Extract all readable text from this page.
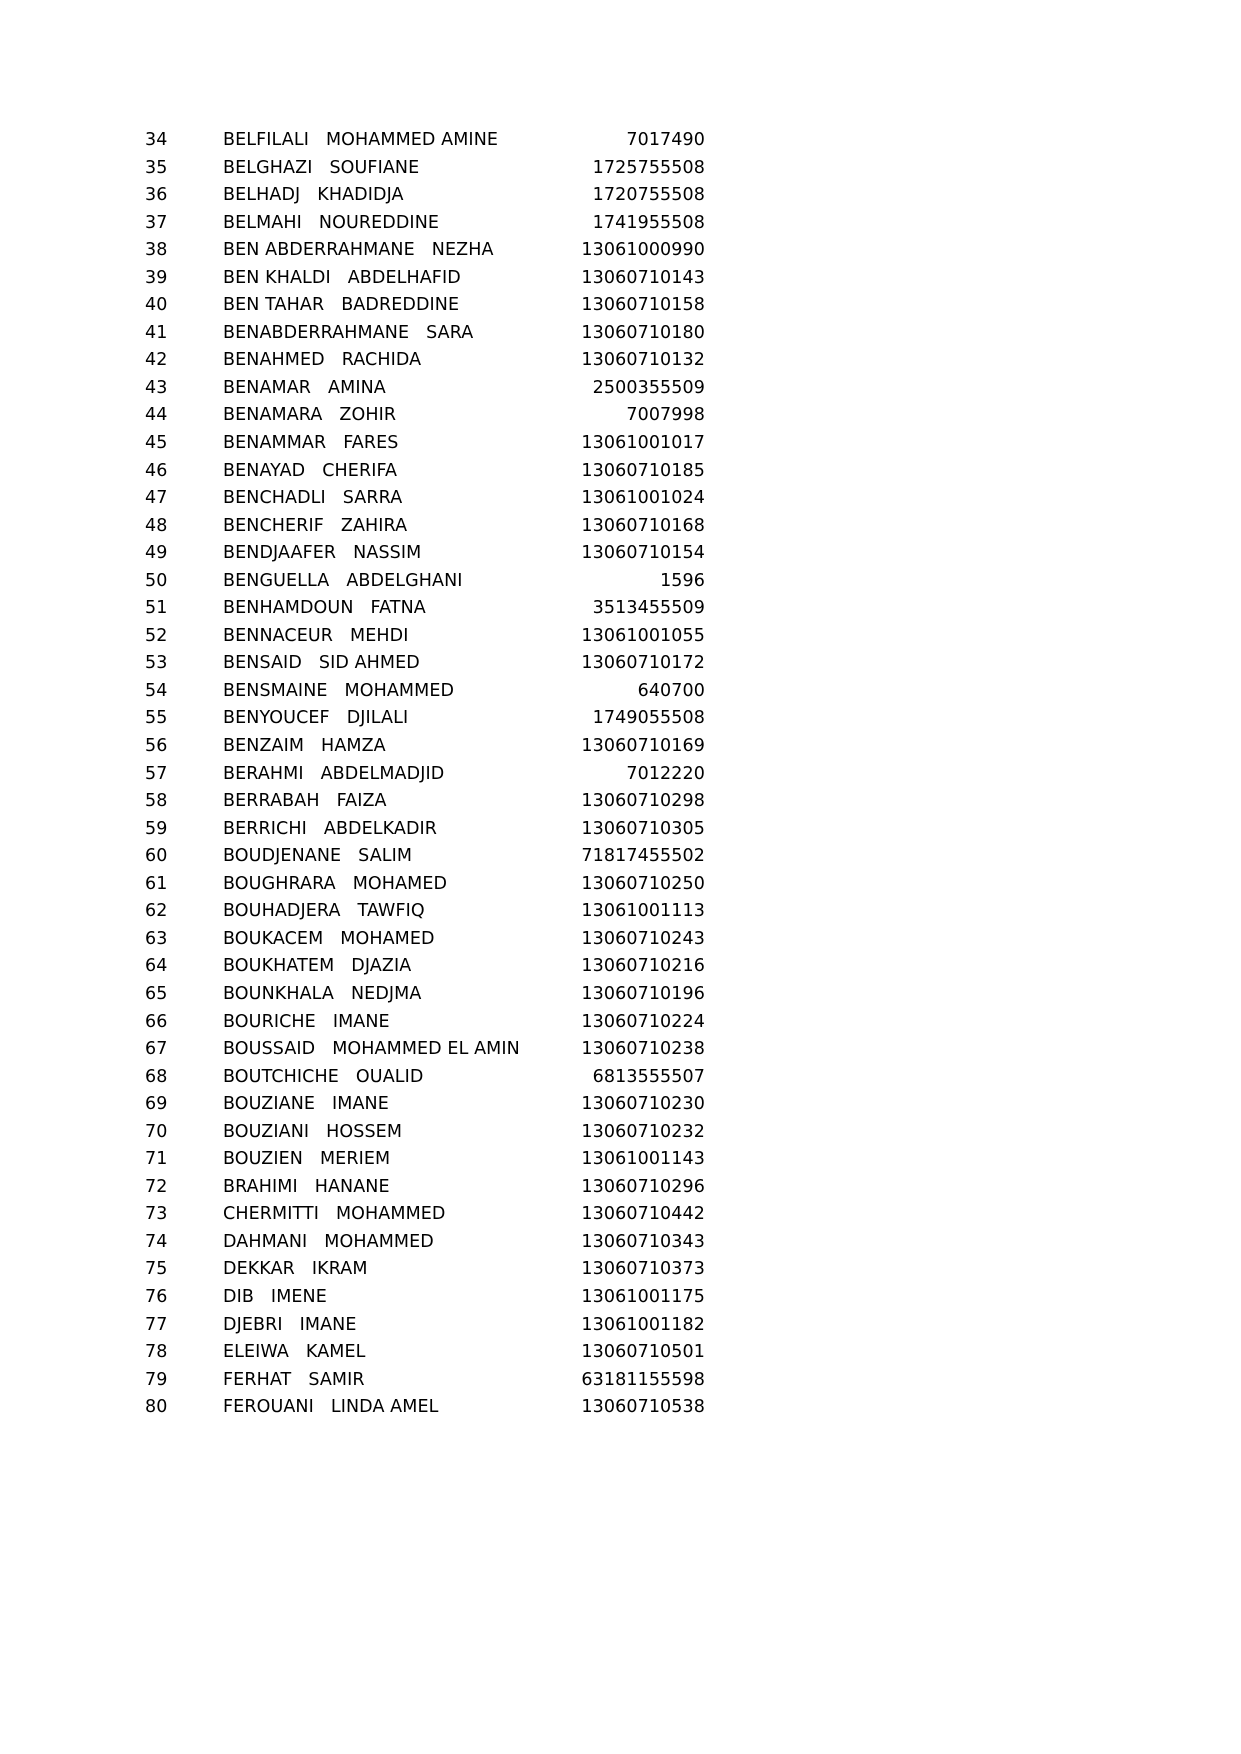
34	BELFILALI   MOHAMMED AMINE	7017490
35	BELGHAZI   SOUFIANE	1725755508
36	BELHADJ   KHADIDJA	1720755508
37	BELMAHI   NOUREDDINE	1741955508
38	BEN ABDERRAHMANE   NEZHA	13061000990
39	BEN KHALDI   ABDELHAFID	13060710143
40	BEN TAHAR   BADREDDINE	13060710158
41	BENABDERRAHMANE   SARA	13060710180
42	BENAHMED   RACHIDA	13060710132
43	BENAMAR   AMINA	2500355509
44	BENAMARA   ZOHIR	7007998
45	BENAMMAR   FARES	13061001017
46	BENAYAD   CHERIFA	13060710185
47	BENCHADLI   SARRA	13061001024
48	BENCHERIF   ZAHIRA	13060710168
49	BENDJAAFER   NASSIM	13060710154
50	BENGUELLA   ABDELGHANI	1596
51	BENHAMDOUN   FATNA	3513455509
52	BENNACEUR   MEHDI	13061001055
53	BENSAID   SID AHMED	13060710172
54	BENSMAINE   MOHAMMED	640700
55	BENYOUCEF   DJILALI	1749055508
56	BENZAIM   HAMZA	13060710169
57	BERAHMI   ABDELMADJID	7012220
58	BERRABAH   FAIZA	13060710298
59	BERRICHI   ABDELKADIR	13060710305
60	BOUDJENANE   SALIM	71817455502
61	BOUGHRARA   MOHAMED	13060710250
62	BOUHADJERA   TAWFIQ	13061001113
63	BOUKACEM   MOHAMED	13060710243
64	BOUKHATEM   DJAZIA	13060710216
65	BOUNKHALA   NEDJMA	13060710196
66	BOURICHE   IMANE	13060710224
67	BOUSSAID   MOHAMMED EL AMIN	13060710238
68	BOUTCHICHE   OUALID	6813555507
69	BOUZIANE   IMANE	13060710230
70	BOUZIANI   HOSSEM	13060710232
71	BOUZIEN   MERIEM	13061001143
72	BRAHIMI   HANANE	13060710296
73	CHERMITTI   MOHAMMED	13060710442
74	DAHMANI   MOHAMMED	13060710343
75	DEKKAR   IKRAM	13060710373
76	DIB   IMENE	13061001175
77	DJEBRI   IMANE	13061001182
78	ELEIWA   KAMEL	13060710501
79	FERHAT   SAMIR	63181155598
80	FEROUANI   LINDA AMEL	13060710538
